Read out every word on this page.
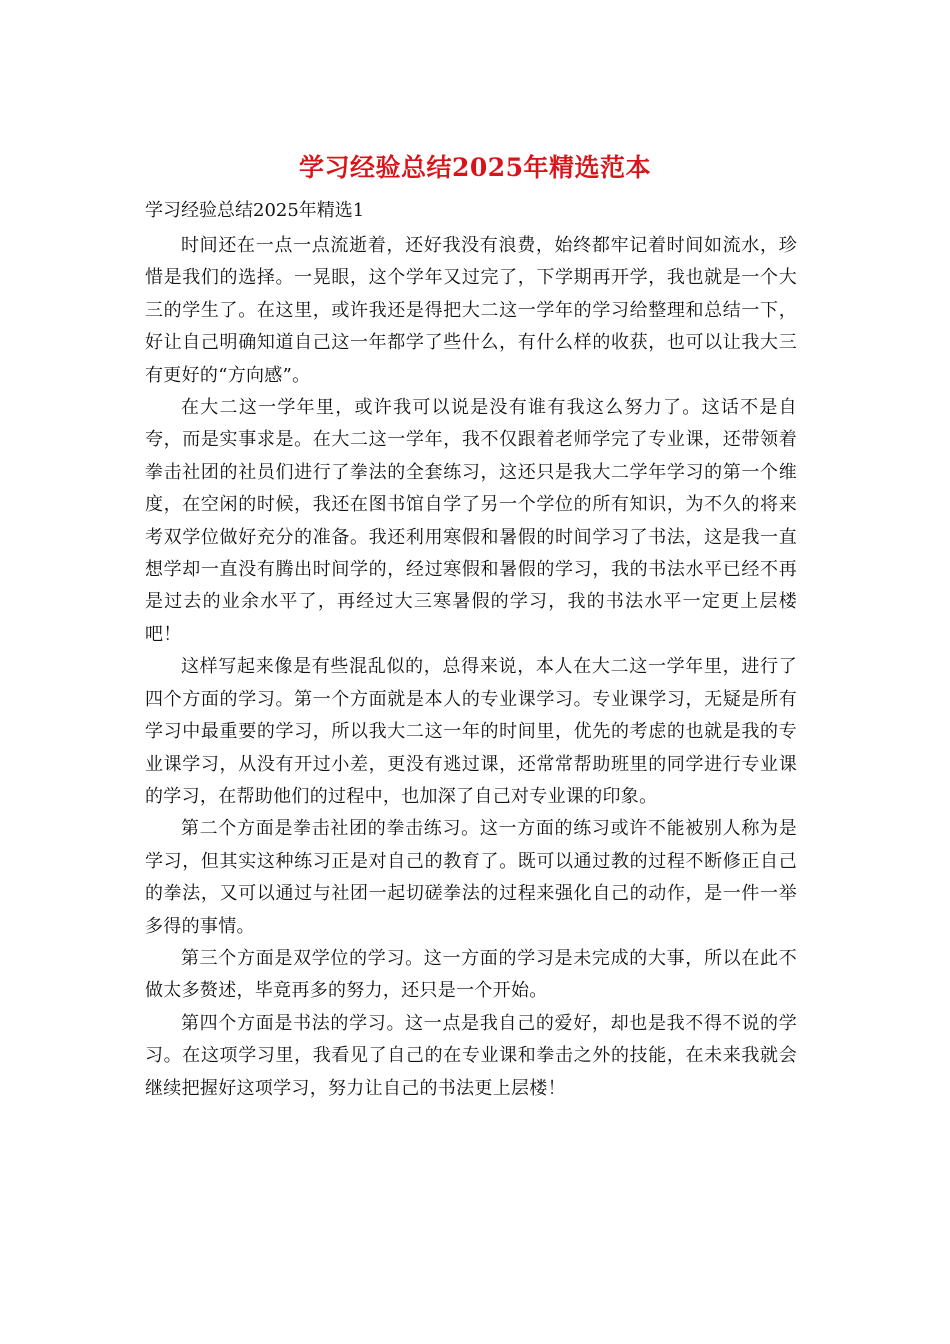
学习经验总结2025年精选范本

学习经验总结2025年精选1

时间还在一点一点流逝着，还好我没有浪费，始终都牢记着时间如流水，珍惜是我们的选择。一晃眼，这个学年又过完了，下学期再开学，我也就是一个大三的学生了。在这里，或许我还是得把大二这一学年的学习给整理和总结一下，好让自己明确知道自己这一年都学了些什么，有什么样的收获，也可以让我大三有更好的“方向感”。

在大二这一学年里，或许我可以说是没有谁有我这么努力了。这话不是自夸，而是实事求是。在大二这一学年，我不仅跟着老师学完了专业课，还带领着拳击社团的社员们进行了拳法的全套练习，这还只是我大二学年学习的第一个维度，在空闲的时候，我还在图书馆自学了另一个学位的所有知识，为不久的将来考双学位做好充分的准备。我还利用寒假和暑假的时间学习了书法，这是我一直想学却一直没有腾出时间学的，经过寒假和暑假的学习，我的书法水平已经不再是过去的业余水平了，再经过大三寒暑假的学习，我的书法水平一定更上层楼吧！

这样写起来像是有些混乱似的，总得来说，本人在大二这一学年里，进行了四个方面的学习。第一个方面就是本人的专业课学习。专业课学习，无疑是所有学习中最重要的学习，所以我大二这一年的时间里，优先的考虑的也就是我的专业课学习，从没有开过小差，更没有逃过课，还常常帮助班里的同学进行专业课的学习，在帮助他们的过程中，也加深了自己对专业课的印象。

第二个方面是拳击社团的拳击练习。这一方面的练习或许不能被别人称为是学习，但其实这种练习正是对自己的教育了。既可以通过教的过程不断修正自己的拳法，又可以通过与社团一起切磋拳法的过程来强化自己的动作，是一件一举多得的事情。

第三个方面是双学位的学习。这一方面的学习是未完成的大事，所以在此不做太多赘述，毕竟再多的努力，还只是一个开始。

第四个方面是书法的学习。这一点是我自己的爱好，却也是我不得不说的学习。在这项学习里，我看见了自己的在专业课和拳击之外的技能，在未来我就会继续把握好这项学习，努力让自己的书法更上层楼！
